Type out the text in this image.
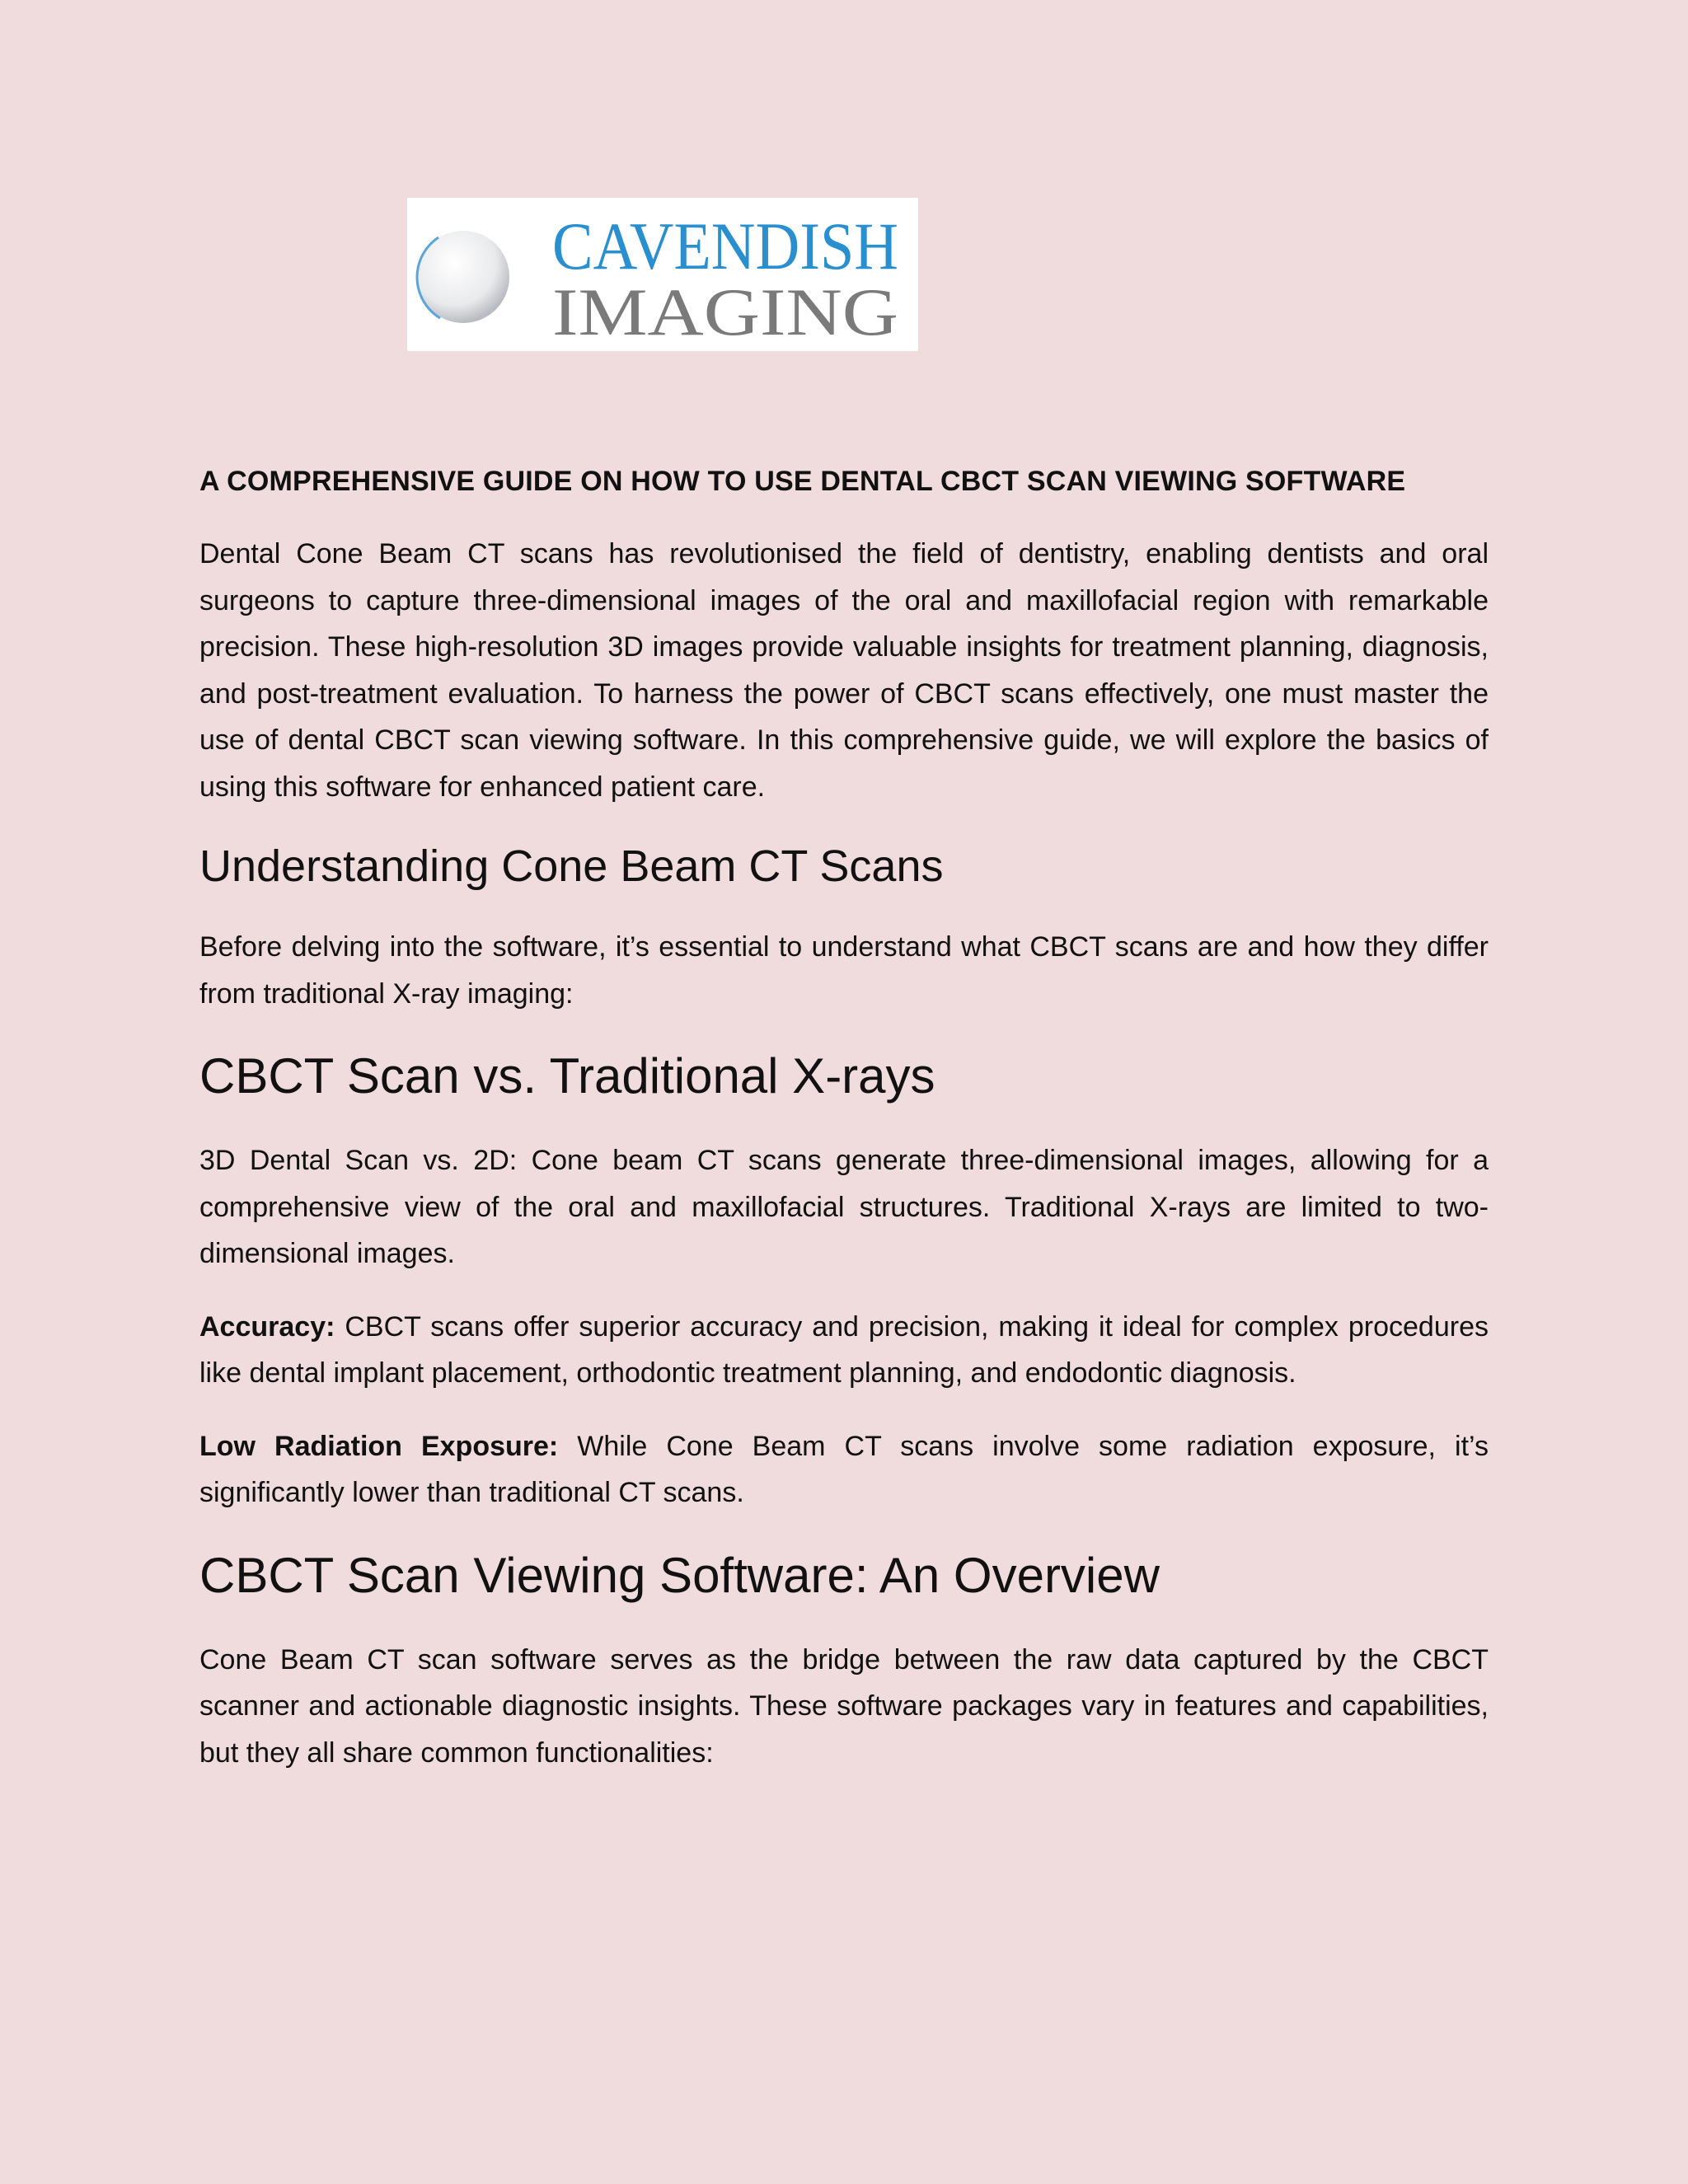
CAVENDISH
IMAGING
A COMPREHENSIVE GUIDE ON HOW TO USE DENTAL CBCT SCAN VIEWING SOFTWARE

Dental Cone Beam CT scans has revolutionised the field of dentistry, enabling dentists and oral surgeons to capture three-dimensional images of the oral and maxillofacial region with remarkable precision. These high-resolution 3D images provide valuable insights for treatment planning, diagnosis, and post-treatment evaluation. To harness the power of CBCT scans effectively, one must master the use of dental CBCT scan viewing software. In this comprehensive guide, we will explore the basics of using this software for enhanced patient care.

Understanding Cone Beam CT Scans

Before delving into the software, it’s essential to understand what CBCT scans are and how they differ from traditional X-ray imaging:

CBCT Scan vs. Traditional X-rays

3D Dental Scan vs. 2D: Cone beam CT scans generate three-dimensional images, allowing for a comprehensive view of the oral and maxillofacial structures. Traditional X-rays are limited to two-dimensional images.

Accuracy: CBCT scans offer superior accuracy and precision, making it ideal for complex procedures like dental implant placement, orthodontic treatment planning, and endodontic diagnosis.

Low Radiation Exposure: While Cone Beam CT scans involve some radiation exposure, it’s significantly lower than traditional CT scans.

CBCT Scan Viewing Software: An Overview

Cone Beam CT scan software serves as the bridge between the raw data captured by the CBCT scanner and actionable diagnostic insights. These software packages vary in features and capabilities, but they all share common functionalities:
